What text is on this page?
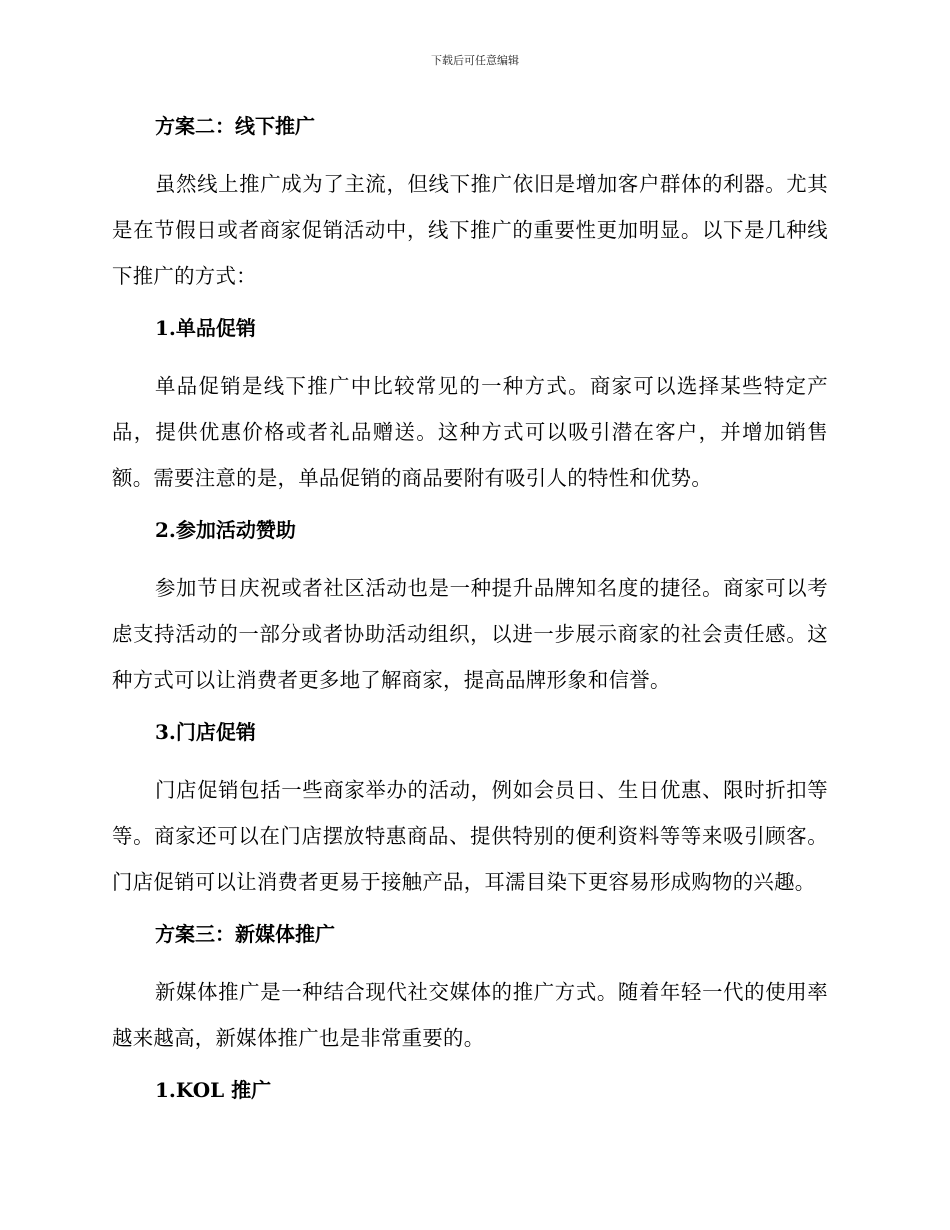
下载后可任意编辑
方案二：线下推广

虽然线上推广成为了主流，但线下推广依旧是增加客户群体的利器。尤其是在节假日或者商家促销活动中，线下推广的重要性更加明显。以下是几种线下推广的方式：

1.单品促销

单品促销是线下推广中比较常见的一种方式。商家可以选择某些特定产品，提供优惠价格或者礼品赠送。这种方式可以吸引潜在客户，并增加销售额。需要注意的是，单品促销的商品要附有吸引人的特性和优势。

2.参加活动赞助

参加节日庆祝或者社区活动也是一种提升品牌知名度的捷径。商家可以考虑支持活动的一部分或者协助活动组织，以进一步展示商家的社会责任感。这种方式可以让消费者更多地了解商家，提高品牌形象和信誉。

3.门店促销

门店促销包括一些商家举办的活动，例如会员日、生日优惠、限时折扣等等。商家还可以在门店摆放特惠商品、提供特别的便利资料等等来吸引顾客。门店促销可以让消费者更易于接触产品，耳濡目染下更容易形成购物的兴趣。

方案三：新媒体推广

新媒体推广是一种结合现代社交媒体的推广方式。随着年轻一代的使用率越来越高，新媒体推广也是非常重要的。

1.KOL 推广
